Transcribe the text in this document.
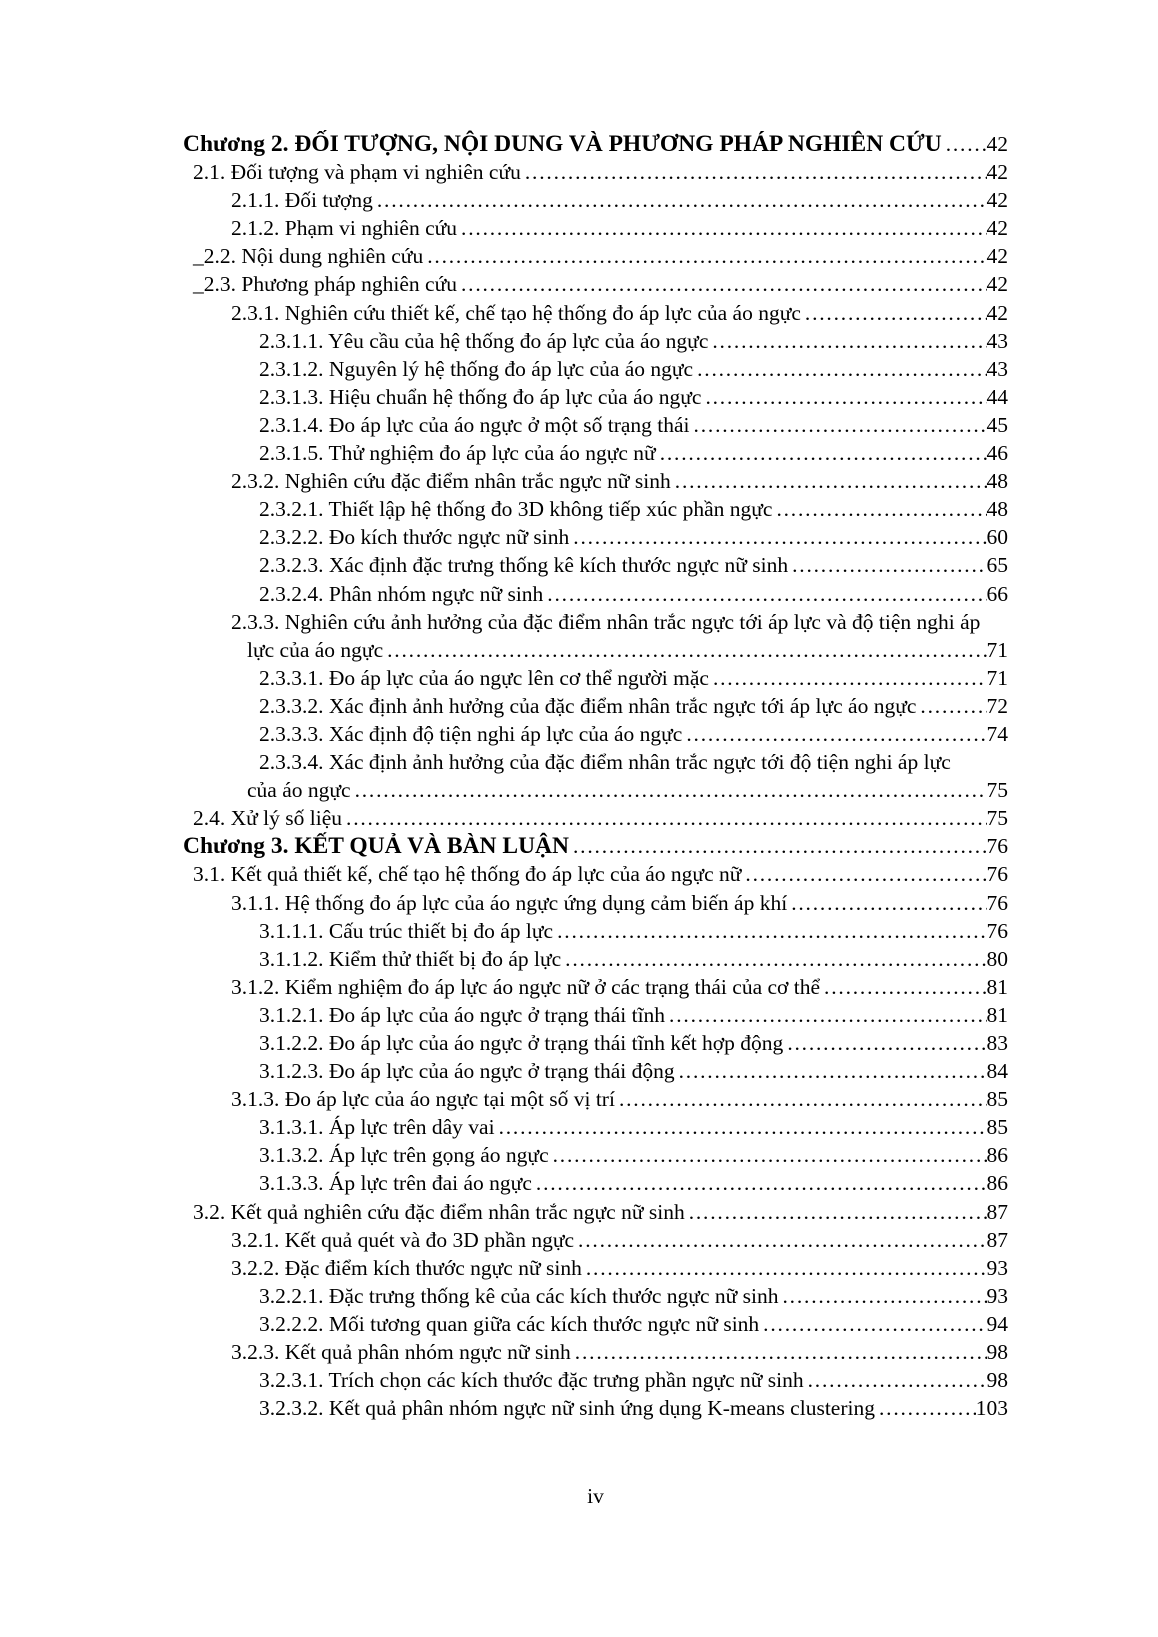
Chương 2. ĐỐI TƯỢNG, NỘI DUNG VÀ PHƯƠNG PHÁP NGHIÊN CỨU ..... 42
2.1. Đối tượng và phạm vi nghiên cứu .....	42
2.1.1. Đối tượng .....	42
2.1.2. Phạm vi nghiên cứu .....	42
_2.2. Nội dung nghiên cứu .....	42
_2.3. Phương pháp nghiên cứu .....	42
2.3.1. Nghiên cứu thiết kế, chế tạo hệ thống đo áp lực của áo ngực .....	42
2.3.1.1. Yêu cầu của hệ thống đo áp lực của áo ngực .....	43
2.3.1.2. Nguyên lý hệ thống đo áp lực của áo ngực .....	43
2.3.1.3. Hiệu chuẩn hệ thống đo áp lực của áo ngực .....	44
2.3.1.4. Đo áp lực của áo ngực ở một số trạng thái .....	45
2.3.1.5. Thử nghiệm đo áp lực của áo ngực nữ .....	46
2.3.2. Nghiên cứu đặc điểm nhân trắc ngực nữ sinh .....	48
2.3.2.1. Thiết lập hệ thống đo 3D không tiếp xúc phần ngực .....	48
2.3.2.2. Đo kích thước ngực nữ sinh .....	60
2.3.2.3. Xác định đặc trưng thống kê kích thước ngực nữ sinh .....	65
2.3.2.4. Phân nhóm ngực nữ sinh .....	66
2.3.3. Nghiên cứu ảnh hưởng của đặc điểm nhân trắc ngực tới áp lực và độ tiện nghi áp
lực của áo ngực .....	71
2.3.3.1. Đo áp lực của áo ngực lên cơ thể người mặc .....	71
2.3.3.2. Xác định ảnh hưởng của đặc điểm nhân trắc ngực tới áp lực áo ngực .....	72
2.3.3.3. Xác định độ tiện nghi áp lực của áo ngực .....	74
2.3.3.4. Xác định ảnh hưởng của đặc điểm nhân trắc ngực tới độ tiện nghi áp lực
của áo ngực .....	75
2.4. Xử lý số liệu .....	75
Chương 3. KẾT QUẢ VÀ BÀN LUẬN .....	76
3.1. Kết quả thiết kế, chế tạo hệ thống đo áp lực của áo ngực nữ .....	76
3.1.1. Hệ thống đo áp lực của áo ngực ứng dụng cảm biến áp khí .....	76
3.1.1.1. Cấu trúc thiết bị đo áp lực .....	76
3.1.1.2. Kiểm thử thiết bị đo áp lực .....	80
3.1.2. Kiểm nghiệm đo áp lực áo ngực nữ ở các trạng thái của cơ thể .....	81
3.1.2.1. Đo áp lực của áo ngực ở trạng thái tĩnh .....	81
3.1.2.2. Đo áp lực của áo ngực ở trạng thái tĩnh kết hợp động .....	83
3.1.2.3. Đo áp lực của áo ngực ở trạng thái động .....	84
3.1.3. Đo áp lực của áo ngực tại một số vị trí .....	85
3.1.3.1. Áp lực trên dây vai .....	85
3.1.3.2. Áp lực trên gọng áo ngực .....	86
3.1.3.3. Áp lực trên đai áo ngực .....	86
3.2. Kết quả nghiên cứu đặc điểm nhân trắc ngực nữ sinh .....	87
3.2.1. Kết quả quét và đo 3D phần ngực .....	87
3.2.2. Đặc điểm kích thước ngực nữ sinh .....	93
3.2.2.1. Đặc trưng thống kê của các kích thước ngực nữ sinh .....	93
3.2.2.2. Mối tương quan giữa các kích thước ngực nữ sinh .....	94
3.2.3. Kết quả phân nhóm ngực nữ sinh .....	98
3.2.3.1. Trích chọn các kích thước đặc trưng phần ngực nữ sinh .....	98
3.2.3.2. Kết quả phân nhóm ngực nữ sinh ứng dụng K-means clustering .....	103
iv
